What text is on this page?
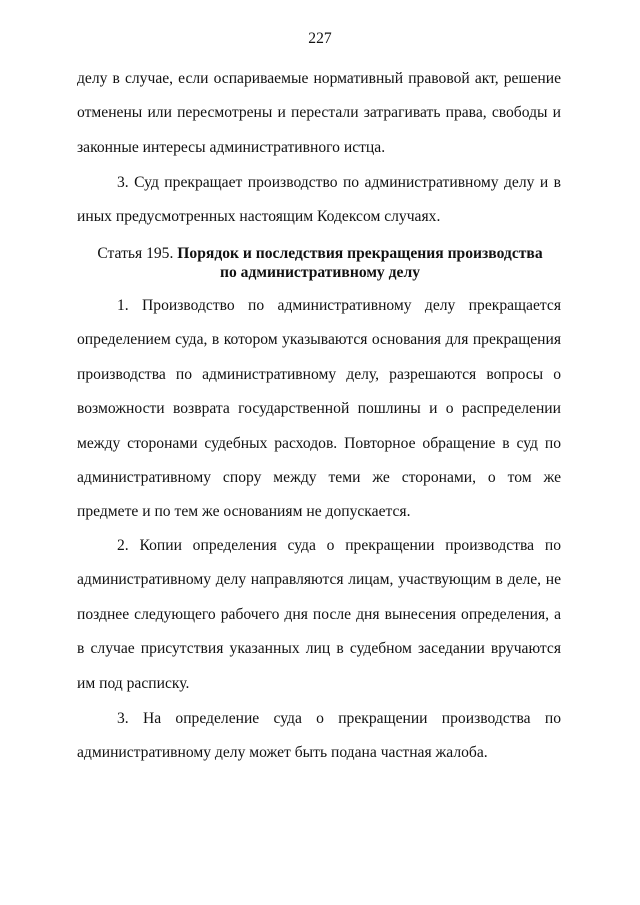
227
делу в случае, если оспариваемые нормативный правовой акт, решение отменены или пересмотрены и перестали затрагивать права, свободы и законные интересы административного истца.
3. Суд прекращает производство по административному делу и в иных предусмотренных настоящим Кодексом случаях.
Статья 195. Порядок и последствия прекращения производства
по административному делу
1. Производство по административному делу прекращается определением суда, в котором указываются основания для прекращения производства по административному делу, разрешаются вопросы о возможности возврата государственной пошлины и о распределении между сторонами судебных расходов. Повторное обращение в суд по административному спору между теми же сторонами, о том же предмете и по тем же основаниям не допускается.
2. Копии определения суда о прекращении производства по административному делу направляются лицам, участвующим в деле, не позднее следующего рабочего дня после дня вынесения определения, а в случае присутствия указанных лиц в судебном заседании вручаются им под расписку.
3. На определение суда о прекращении производства по административному делу может быть подана частная жалоба.
